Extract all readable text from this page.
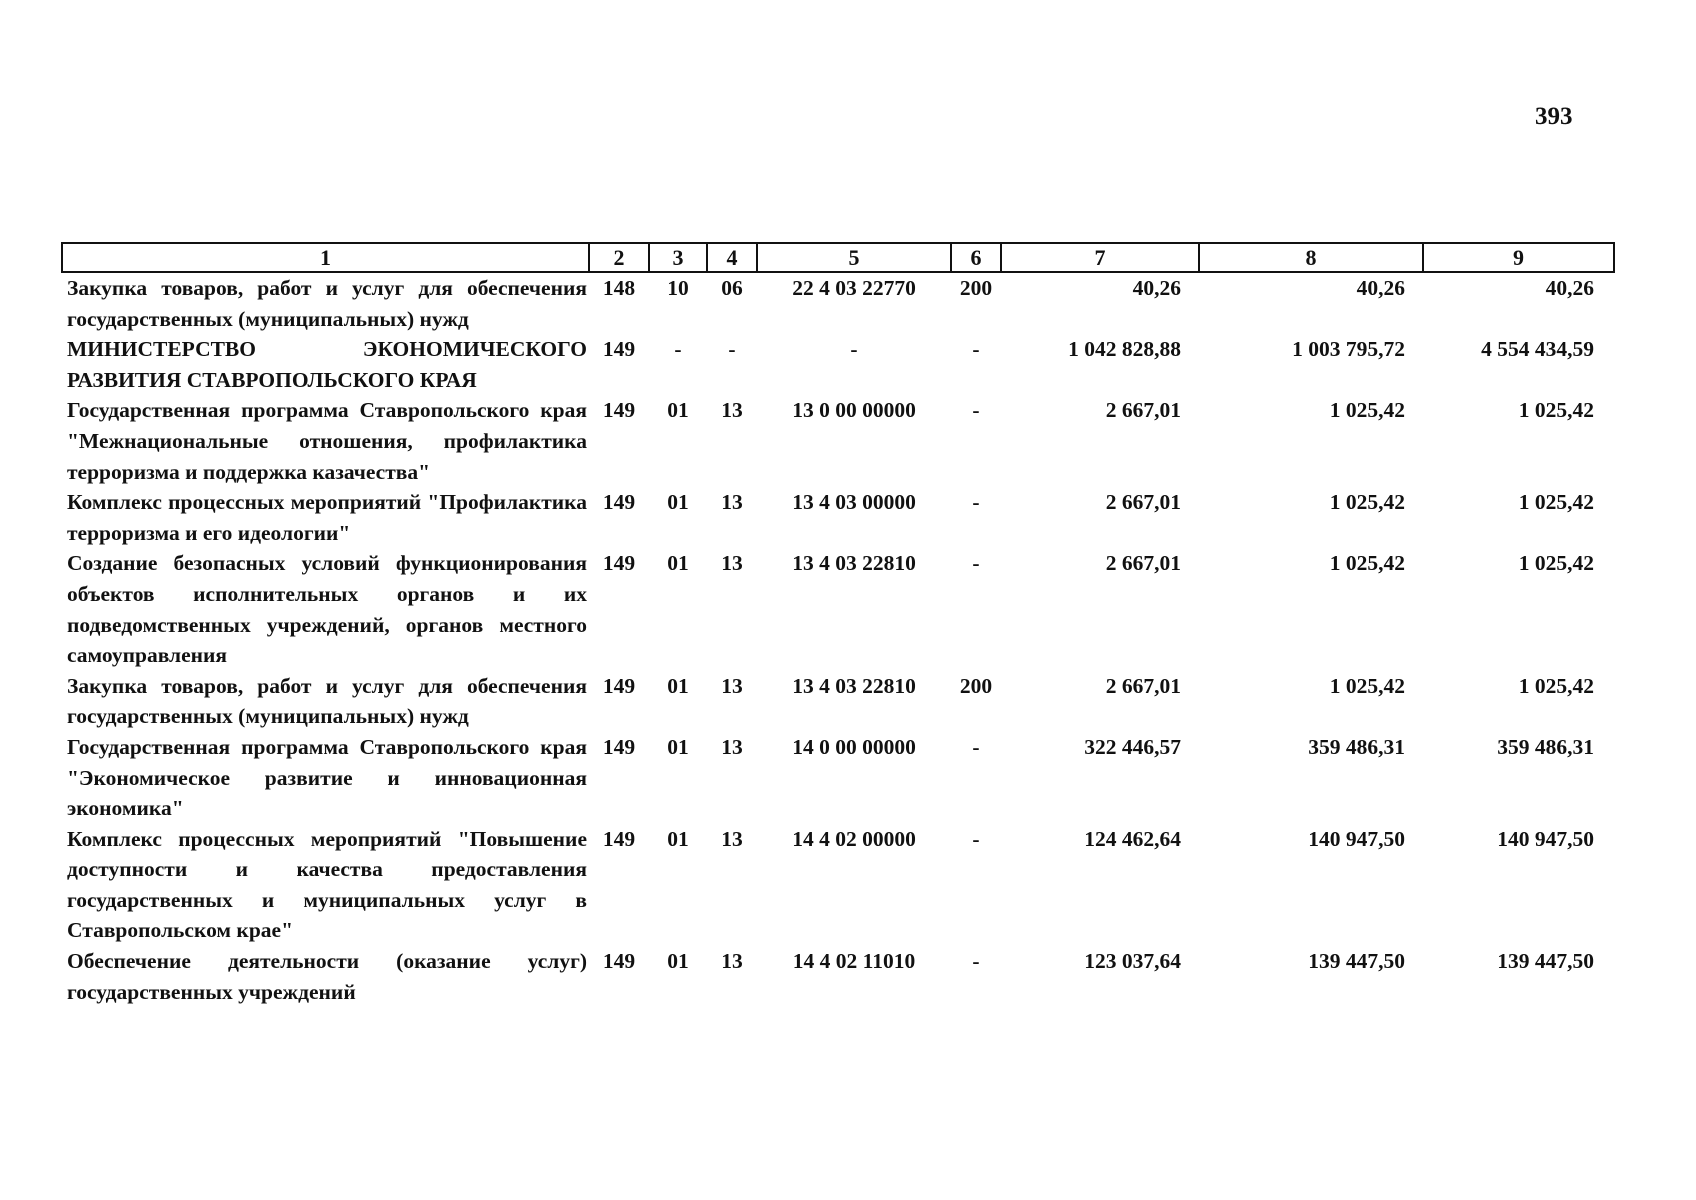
393
1	2	3	4	5	6	7	8	9
Закупка товаров, работ и услуг для обеспечения государственных (муниципальных) нужд	148	10	06	22 4 03 22770	200	40,26	40,26	40,26
МИНИСТЕРСТВО ЭКОНОМИЧЕСКОГО РАЗВИТИЯ СТАВРОПОЛЬСКОГО КРАЯ	149	-	-	-	-	1 042 828,88	1 003 795,72	4 554 434,59
Государственная программа Ставропольского края "Межнациональные отношения, профилактика терроризма и поддержка казачества"	149	01	13	13 0 00 00000	-	2 667,01	1 025,42	1 025,42
Комплекс процессных мероприятий "Профилактика терроризма и его идеологии"	149	01	13	13 4 03 00000	-	2 667,01	1 025,42	1 025,42
Создание безопасных условий функционирования объектов исполнительных органов и их подведомственных учреждений, органов местного самоуправления	149	01	13	13 4 03 22810	-	2 667,01	1 025,42	1 025,42
Закупка товаров, работ и услуг для обеспечения государственных (муниципальных) нужд	149	01	13	13 4 03 22810	200	2 667,01	1 025,42	1 025,42
Государственная программа Ставропольского края "Экономическое развитие и инновационная экономика"	149	01	13	14 0 00 00000	-	322 446,57	359 486,31	359 486,31
Комплекс процессных мероприятий "Повышение доступности и качества предоставления государственных и муниципальных услуг в Ставропольском крае"	149	01	13	14 4 02 00000	-	124 462,64	140 947,50	140 947,50
Обеспечение деятельности (оказание услуг) государственных учреждений	149	01	13	14 4 02 11010	-	123 037,64	139 447,50	139 447,50
